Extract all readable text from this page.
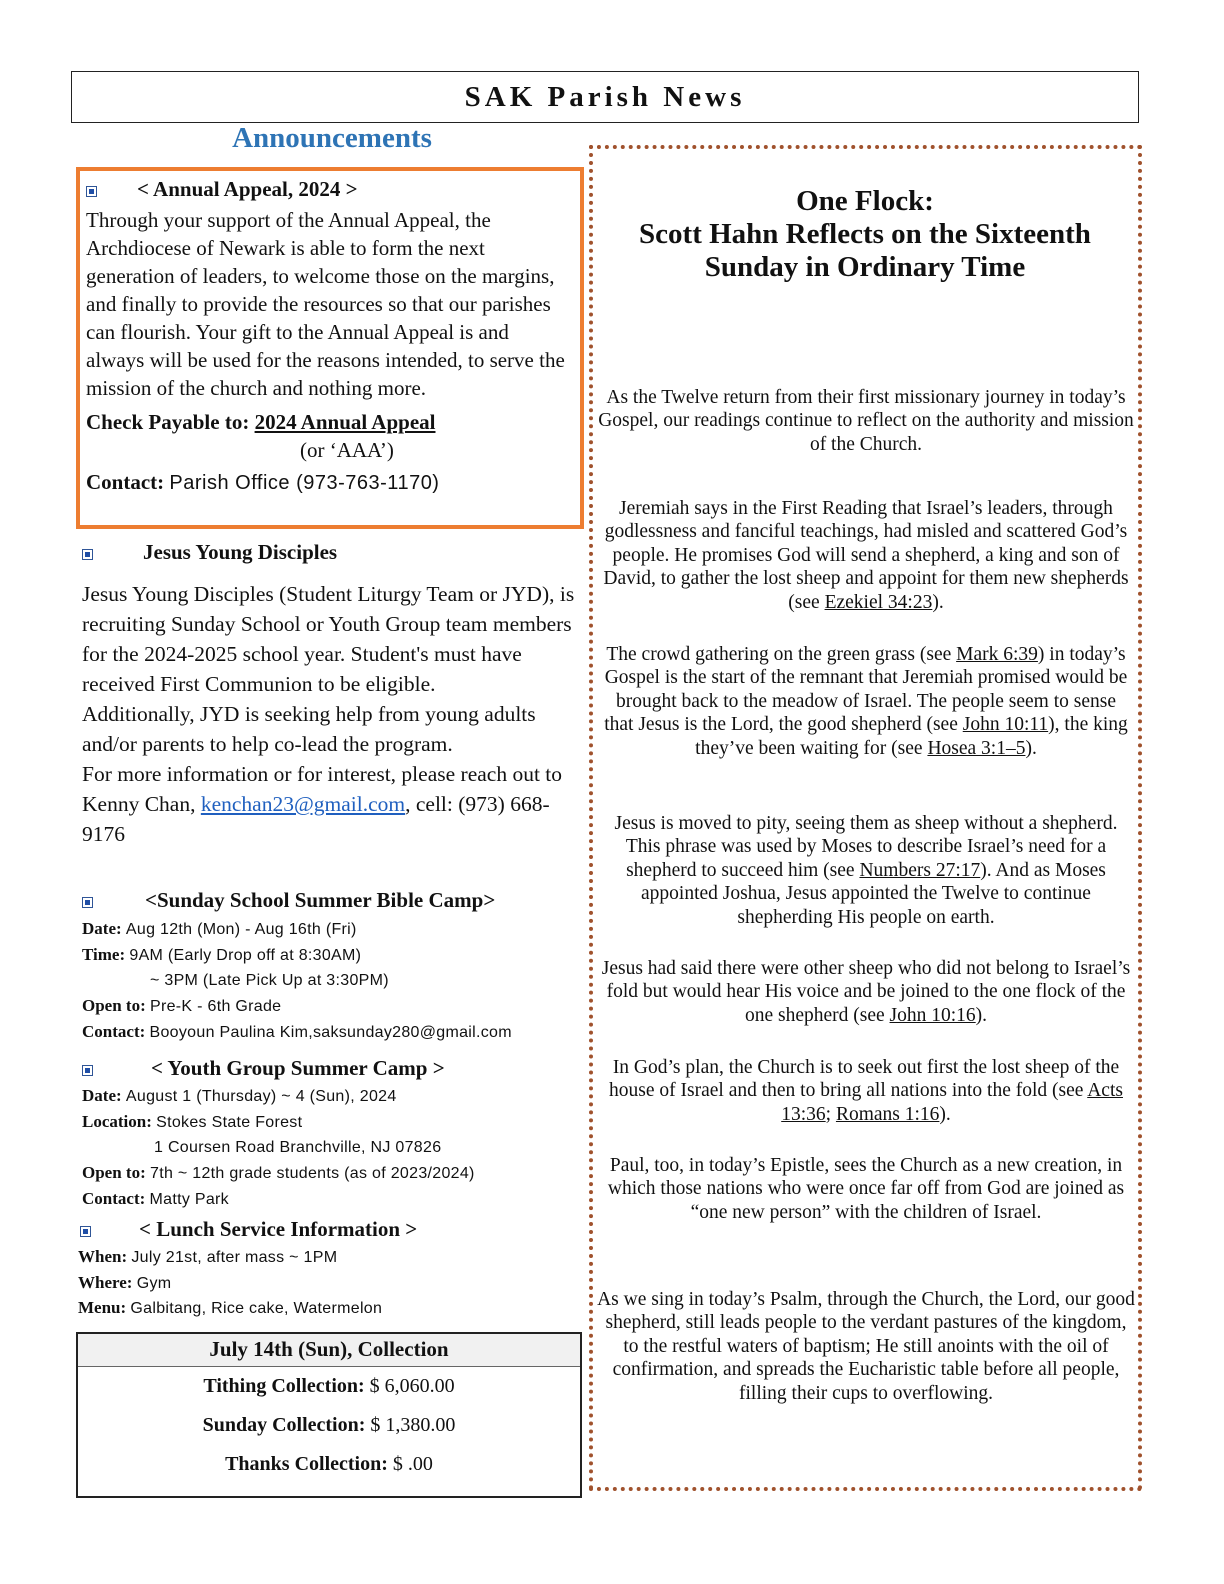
SAK Parish News
Announcements
< Annual Appeal, 2024 >
Through your support of the Annual Appeal, the Archdiocese of Newark is able to form the next generation of leaders, to welcome those on the margins, and finally to provide the resources so that our parishes can flourish. Your gift to the Annual Appeal is and always will be used for the reasons intended, to serve the mission of the church and nothing more.
Check Payable to: 2024 Annual Appeal
(or ‘AAA’)
Contact: Parish Office (973-763-1170)
Jesus Young Disciples
Jesus Young Disciples (Student Liturgy Team or JYD), is recruiting Sunday School or Youth Group team members for the 2024-2025 school year. Student's must have received First Communion to be eligible.
Additionally, JYD is seeking help from young adults and/or parents to help co-lead the program.
For more information or for interest, please reach out to Kenny Chan, kenchan23@gmail.com, cell: (973) 668-9176
<Sunday School Summer Bible Camp>
Date: Aug 12th (Mon) - Aug 16th (Fri)
Time: 9AM (Early Drop off at 8:30AM)
~ 3PM (Late Pick Up at 3:30PM)
Open to: Pre-K - 6th Grade
Contact: Booyoun Paulina Kim,saksunday280@gmail.com
< Youth Group Summer Camp >
Date: August 1 (Thursday) ~ 4 (Sun), 2024
Location: Stokes State Forest
1 Coursen Road Branchville, NJ 07826
Open to: 7th ~ 12th grade students (as of 2023/2024)
Contact: Matty Park
< Lunch Service Information >
When: July 21st, after mass ~ 1PM
Where: Gym
Menu: Galbitang, Rice cake, Watermelon
July 14th (Sun), Collection
Tithing Collection: $ 6,060.00
Sunday Collection: $ 1,380.00
Thanks Collection: $ .00
One Flock:
Scott Hahn Reflects on the Sixteenth
Sunday in Ordinary Time
As the Twelve return from their first missionary journey in today’s Gospel, our readings continue to reflect on the authority and mission of the Church.
Jeremiah says in the First Reading that Israel’s leaders, through godlessness and fanciful teachings, had misled and scattered God’s people. He promises God will send a shepherd, a king and son of David, to gather the lost sheep and appoint for them new shepherds (see Ezekiel 34:23).
The crowd gathering on the green grass (see Mark 6:39) in today’s Gospel is the start of the remnant that Jeremiah promised would be brought back to the meadow of Israel. The people seem to sense
that Jesus is the Lord, the good shepherd (see John 10:11), the king they’ve been waiting for (see Hosea 3:1–5).
Jesus is moved to pity, seeing them as sheep without a shepherd. This phrase was used by Moses to describe Israel’s need for a shepherd to succeed him (see Numbers 27:17). And as Moses appointed Joshua, Jesus appointed the Twelve to continue shepherding His people on earth.
Jesus had said there were other sheep who did not belong to Israel’s fold but would hear His voice and be joined to the one flock of the one shepherd (see John 10:16).
In God’s plan, the Church is to seek out first the lost sheep of the house of Israel and then to bring all nations into the fold (see Acts 13:36; Romans 1:16).
Paul, too, in today’s Epistle, sees the Church as a new creation, in which those nations who were once far off from God are joined as “one new person” with the children of Israel.
As we sing in today’s Psalm, through the Church, the Lord, our good shepherd, still leads people to the verdant pastures of the kingdom, to the restful waters of baptism; He still anoints with the oil of confirmation, and spreads the Eucharistic table before all people, filling their cups to overflowing.
